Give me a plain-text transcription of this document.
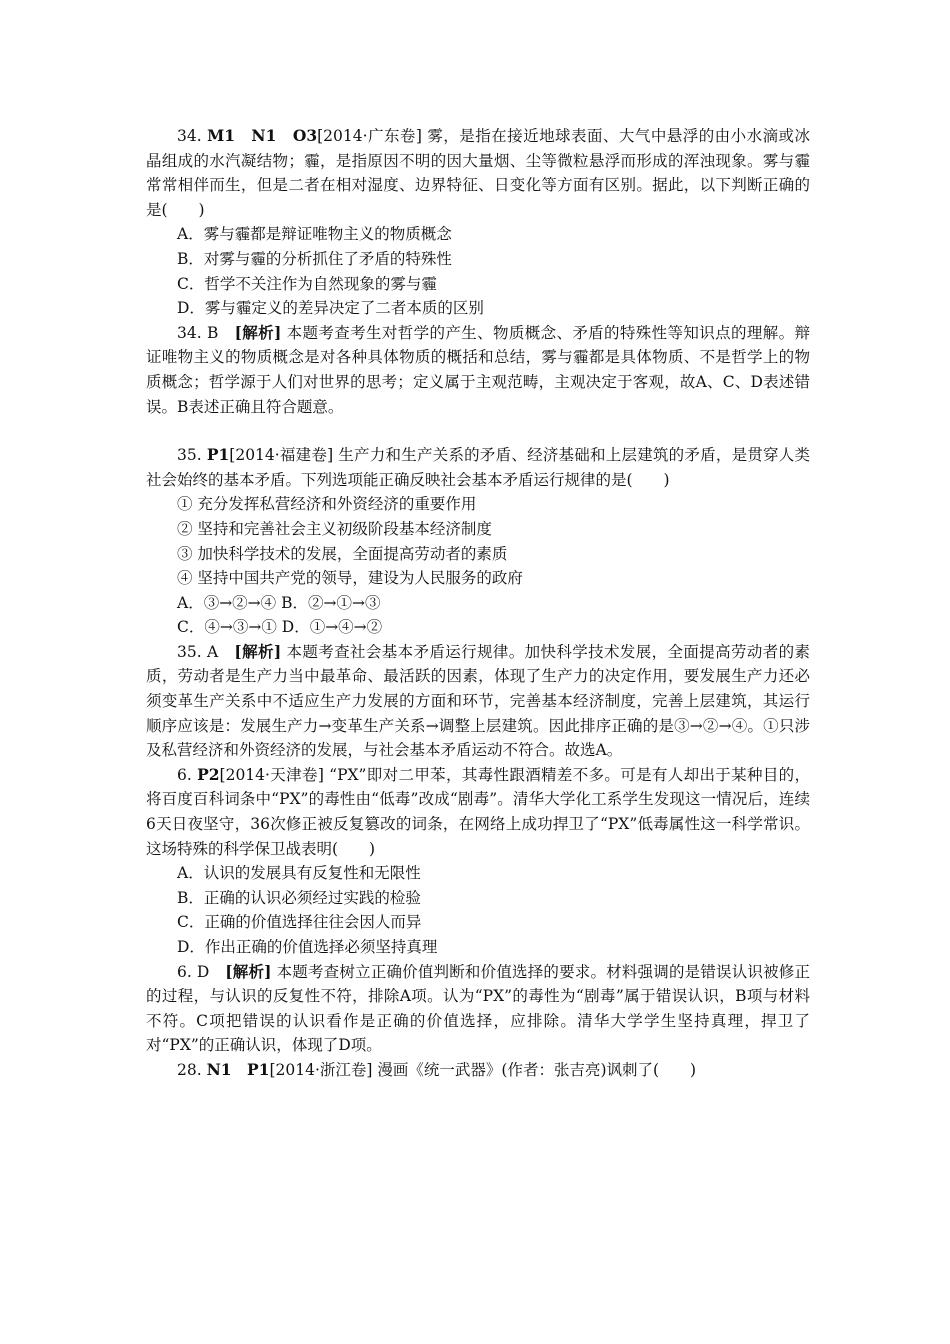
34. M1　N1　O3[2014·广东卷] 雾，是指在接近地球表面、大气中悬浮的由小水滴或冰晶组成的水汽凝结物；霾，是指原因不明的因大量烟、尘等微粒悬浮而形成的浑浊现象。雾与霾常常相伴而生，但是二者在相对湿度、边界特征、日变化等方面有区别。据此，以下判断正确的是(　　)

A．雾与霾都是辩证唯物主义的物质概念

B．对雾与霾的分析抓住了矛盾的特殊性

C．哲学不关注作为自然现象的雾与霾

D．雾与霾定义的差异决定了二者本质的区别

34. B　[解析] 本题考查考生对哲学的产生、物质概念、矛盾的特殊性等知识点的理解。辩证唯物主义的物质概念是对各种具体物质的概括和总结，雾与霾都是具体物质、不是哲学上的物质概念；哲学源于人们对世界的思考；定义属于主观范畴，主观决定于客观，故A、C、D表述错误。B表述正确且符合题意。

35. P1[2014·福建卷] 生产力和生产关系的矛盾、经济基础和上层建筑的矛盾，是贯穿人类社会始终的基本矛盾。下列选项能正确反映社会基本矛盾运行规律的是(　　)

① 充分发挥私营经济和外资经济的重要作用

② 坚持和完善社会主义初级阶段基本经济制度

③ 加快科学技术的发展，全面提高劳动者的素质

④ 坚持中国共产党的领导，建设为人民服务的政府

A．③→②→④ B．②→①→③

C．④→③→① D．①→④→②

35. A　[解析] 本题考查社会基本矛盾运行规律。加快科学技术发展，全面提高劳动者的素质，劳动者是生产力当中最革命、最活跃的因素，体现了生产力的决定作用，要发展生产力还必须变革生产关系中不适应生产力发展的方面和环节，完善基本经济制度，完善上层建筑，其运行顺序应该是：发展生产力→变革生产关系→调整上层建筑。因此排序正确的是③→②→④。①只涉及私营经济和外资经济的发展，与社会基本矛盾运动不符合。故选A。

6. P2[2014·天津卷] “PX”即对二甲苯，其毒性跟酒精差不多。可是有人却出于某种目的，将百度百科词条中“PX”的毒性由“低毒”改成“剧毒”。清华大学化工系学生发现这一情况后，连续6天日夜坚守，36次修正被反复篡改的词条，在网络上成功捍卫了“PX”低毒属性这一科学常识。这场特殊的科学保卫战表明(　　)

A．认识的发展具有反复性和无限性

B．正确的认识必须经过实践的检验

C．正确的价值选择往往会因人而异

D．作出正确的价值选择必须坚持真理

6. D　[解析] 本题考查树立正确价值判断和价值选择的要求。材料强调的是错误认识被修正的过程，与认识的反复性不符，排除A项。认为“PX”的毒性为“剧毒”属于错误认识，B项与材料不符。C项把错误的认识看作是正确的价值选择，应排除。清华大学学生坚持真理，捍卫了对“PX”的正确认识，体现了D项。

28. N1　P1[2014·浙江卷] 漫画《统一武器》(作者：张吉亮)讽刺了(　　)
